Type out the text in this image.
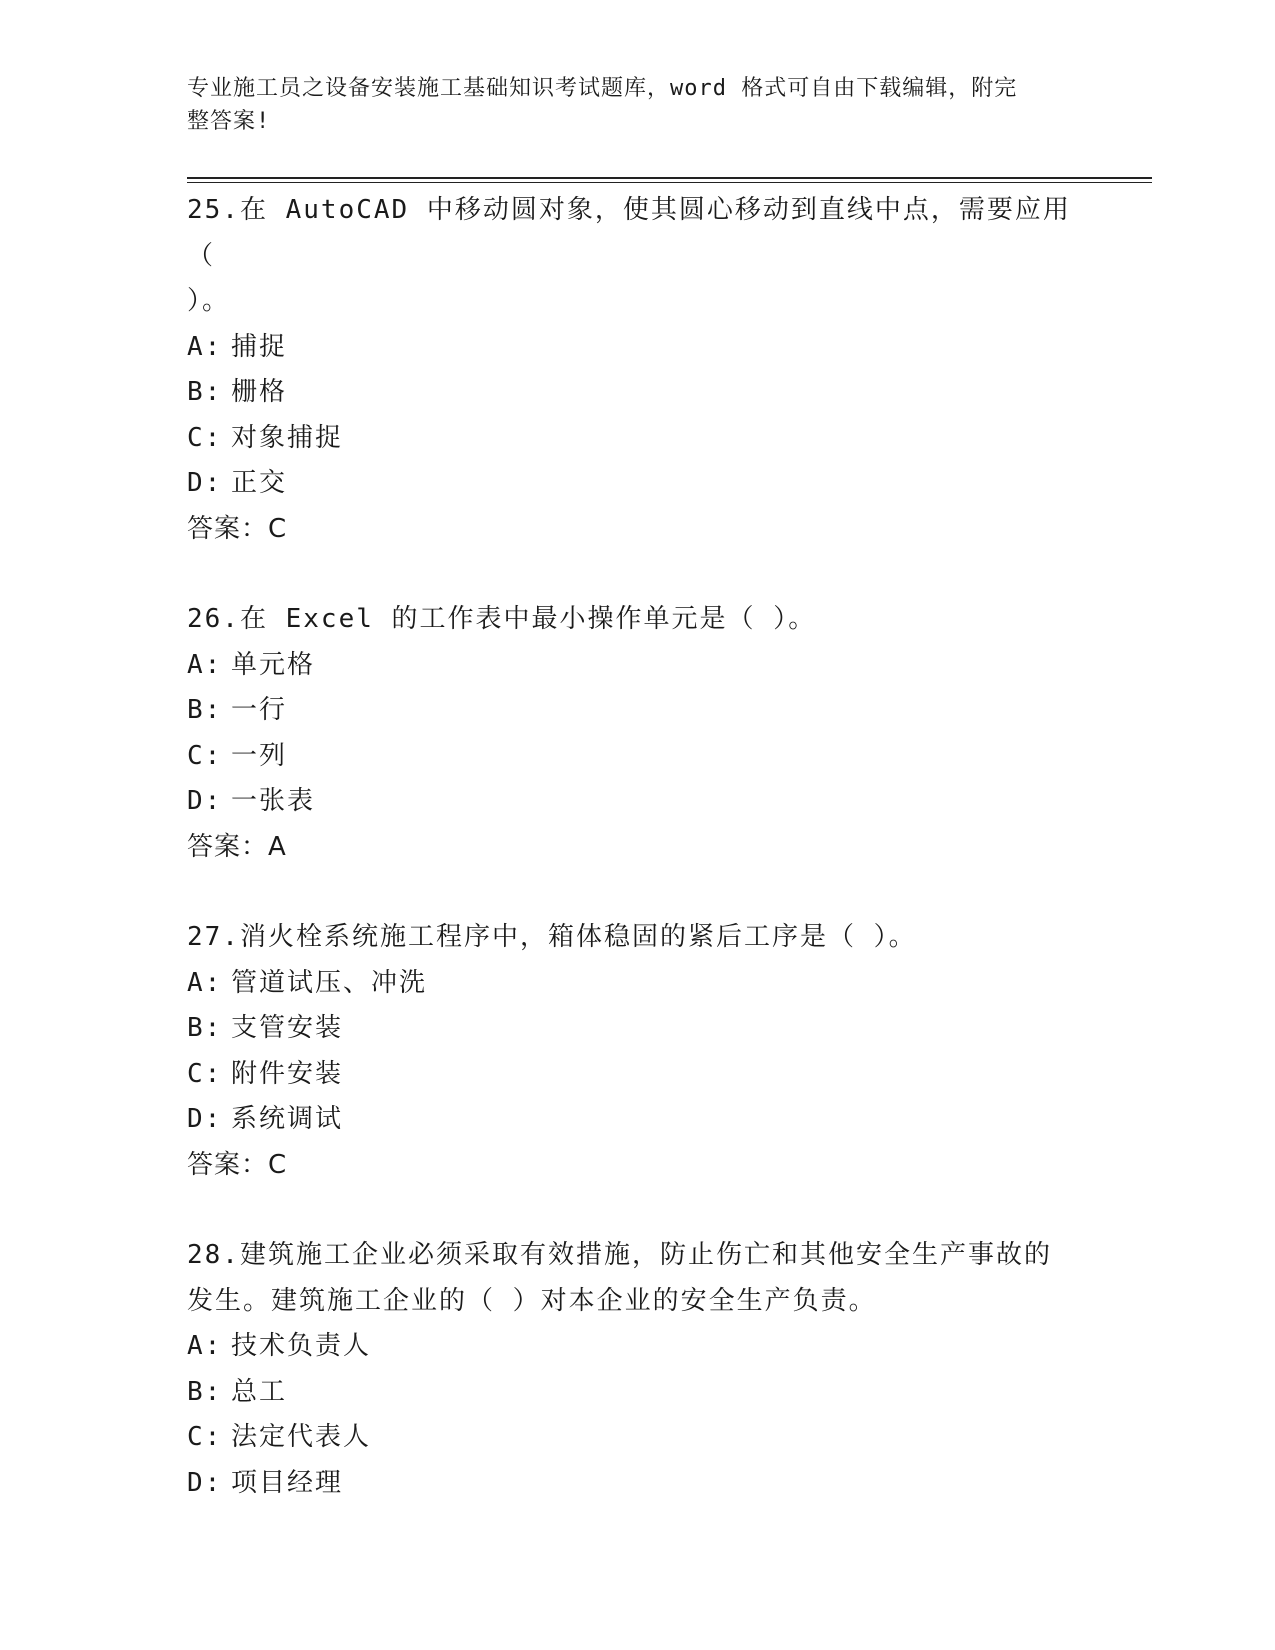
专业施工员之设备安装施工基础知识考试题库，word 格式可自由下载编辑，附完
整答案!
25.在 AutoCAD 中移动圆对象，使其圆心移动到直线中点，需要应用（
）。
A: 捕捉
B: 栅格
C: 对象捕捉
D: 正交
答案：C
26.在 Excel 的工作表中最小操作单元是（ ）。
A: 单元格
B: 一行
C: 一列
D: 一张表
答案：A
27.消火栓系统施工程序中，箱体稳固的紧后工序是（ ）。
A: 管道试压、冲洗
B: 支管安装
C: 附件安装
D: 系统调试
答案：C
28.建筑施工企业必须采取有效措施，防止伤亡和其他安全生产事故的
发生。建筑施工企业的（ ）对本企业的安全生产负责。
A: 技术负责人
B: 总工
C: 法定代表人
D: 项目经理
